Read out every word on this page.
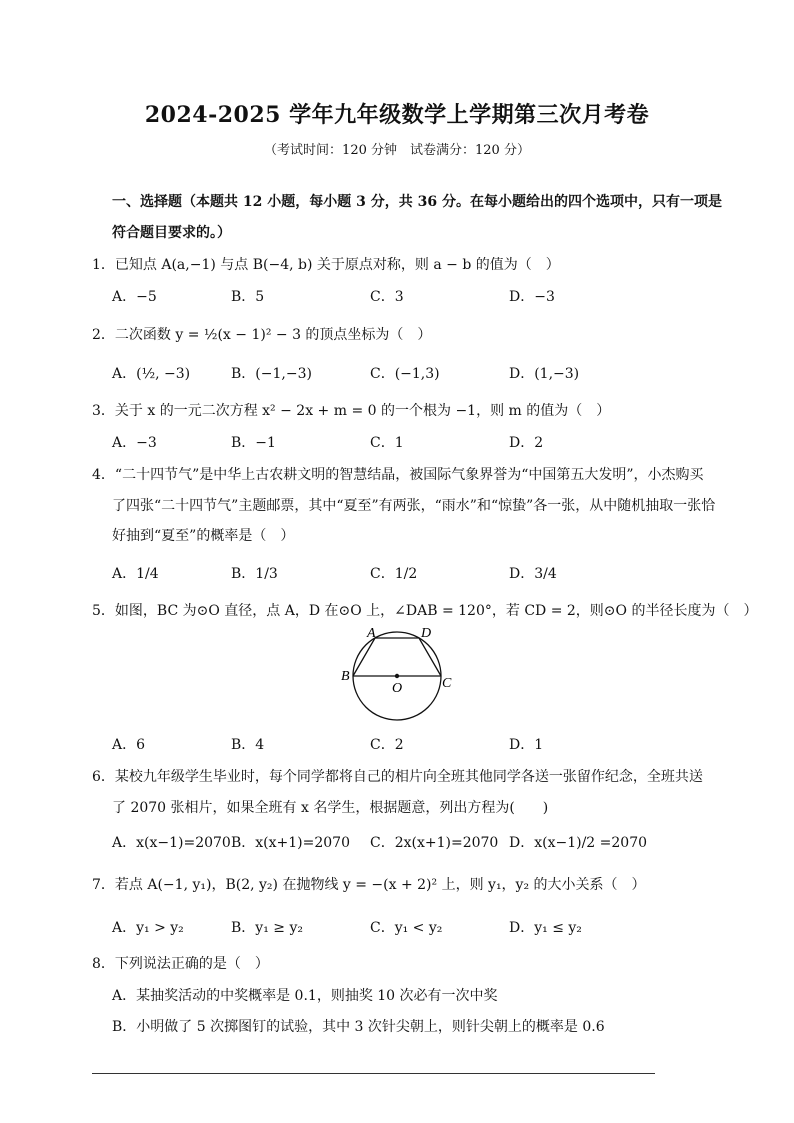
2024-2025 学年九年级数学上学期第三次月考卷
（考试时间：120 分钟　试卷满分：120 分）
一、选择题（本题共 12 小题，每小题 3 分，共 36 分。在每小题给出的四个选项中，只有一项是
符合题目要求的。）
1．已知点 A(a,−1) 与点 B(−4, b) 关于原点对称，则 a − b 的值为（　）
A．−5	B．5	C．3	D．−3
2．二次函数 y = ½(x − 1)² − 3 的顶点坐标为（　）
A．(½, −3)	B．(−1,−3)	C．(−1,3)	D．(1,−3)
3．关于 x 的一元二次方程 x² − 2x + m = 0 的一个根为 −1，则 m 的值为（　）
A．−3	B．−1	C．1	D．2
4．“二十四节气”是中华上古农耕文明的智慧结晶，被国际气象界誉为“中国第五大发明”，小杰购买
了四张“二十四节气”主题邮票，其中“夏至”有两张，“雨水”和“惊蛰”各一张，从中随机抽取一张恰
好抽到“夏至”的概率是（　）
A．1/4	B．1/3	C．1/2	D．3/4
5．如图，BC 为⊙O 直径，点 A，D 在⊙O 上，∠DAB = 120°，若 CD = 2，则⊙O 的半径长度为（　）
A	D
B
O	C
A．6	B．4	C．2	D．1
6．某校九年级学生毕业时，每个同学都将自己的相片向全班其他同学各送一张留作纪念，全班共送
了 2070 张相片，如果全班有 x 名学生，根据题意，列出方程为(　　)
A．x(x−1)=2070 B．x(x+1)=2070 C．2x(x+1)=2070 D．x(x−1)/2 =2070
7．若点 A(−1, y₁)，B(2, y₂) 在抛物线 y = −(x + 2)² 上，则 y₁，y₂ 的大小关系（　）
A．y₁ > y₂	B．y₁ ≥ y₂	C．y₁ < y₂	D．y₁ ≤ y₂
8．下列说法正确的是（　）
A．某抽奖活动的中奖概率是 0.1，则抽奖 10 次必有一次中奖
B．小明做了 5 次掷图钉的试验，其中 3 次针尖朝上，则针尖朝上的概率是 0.6
